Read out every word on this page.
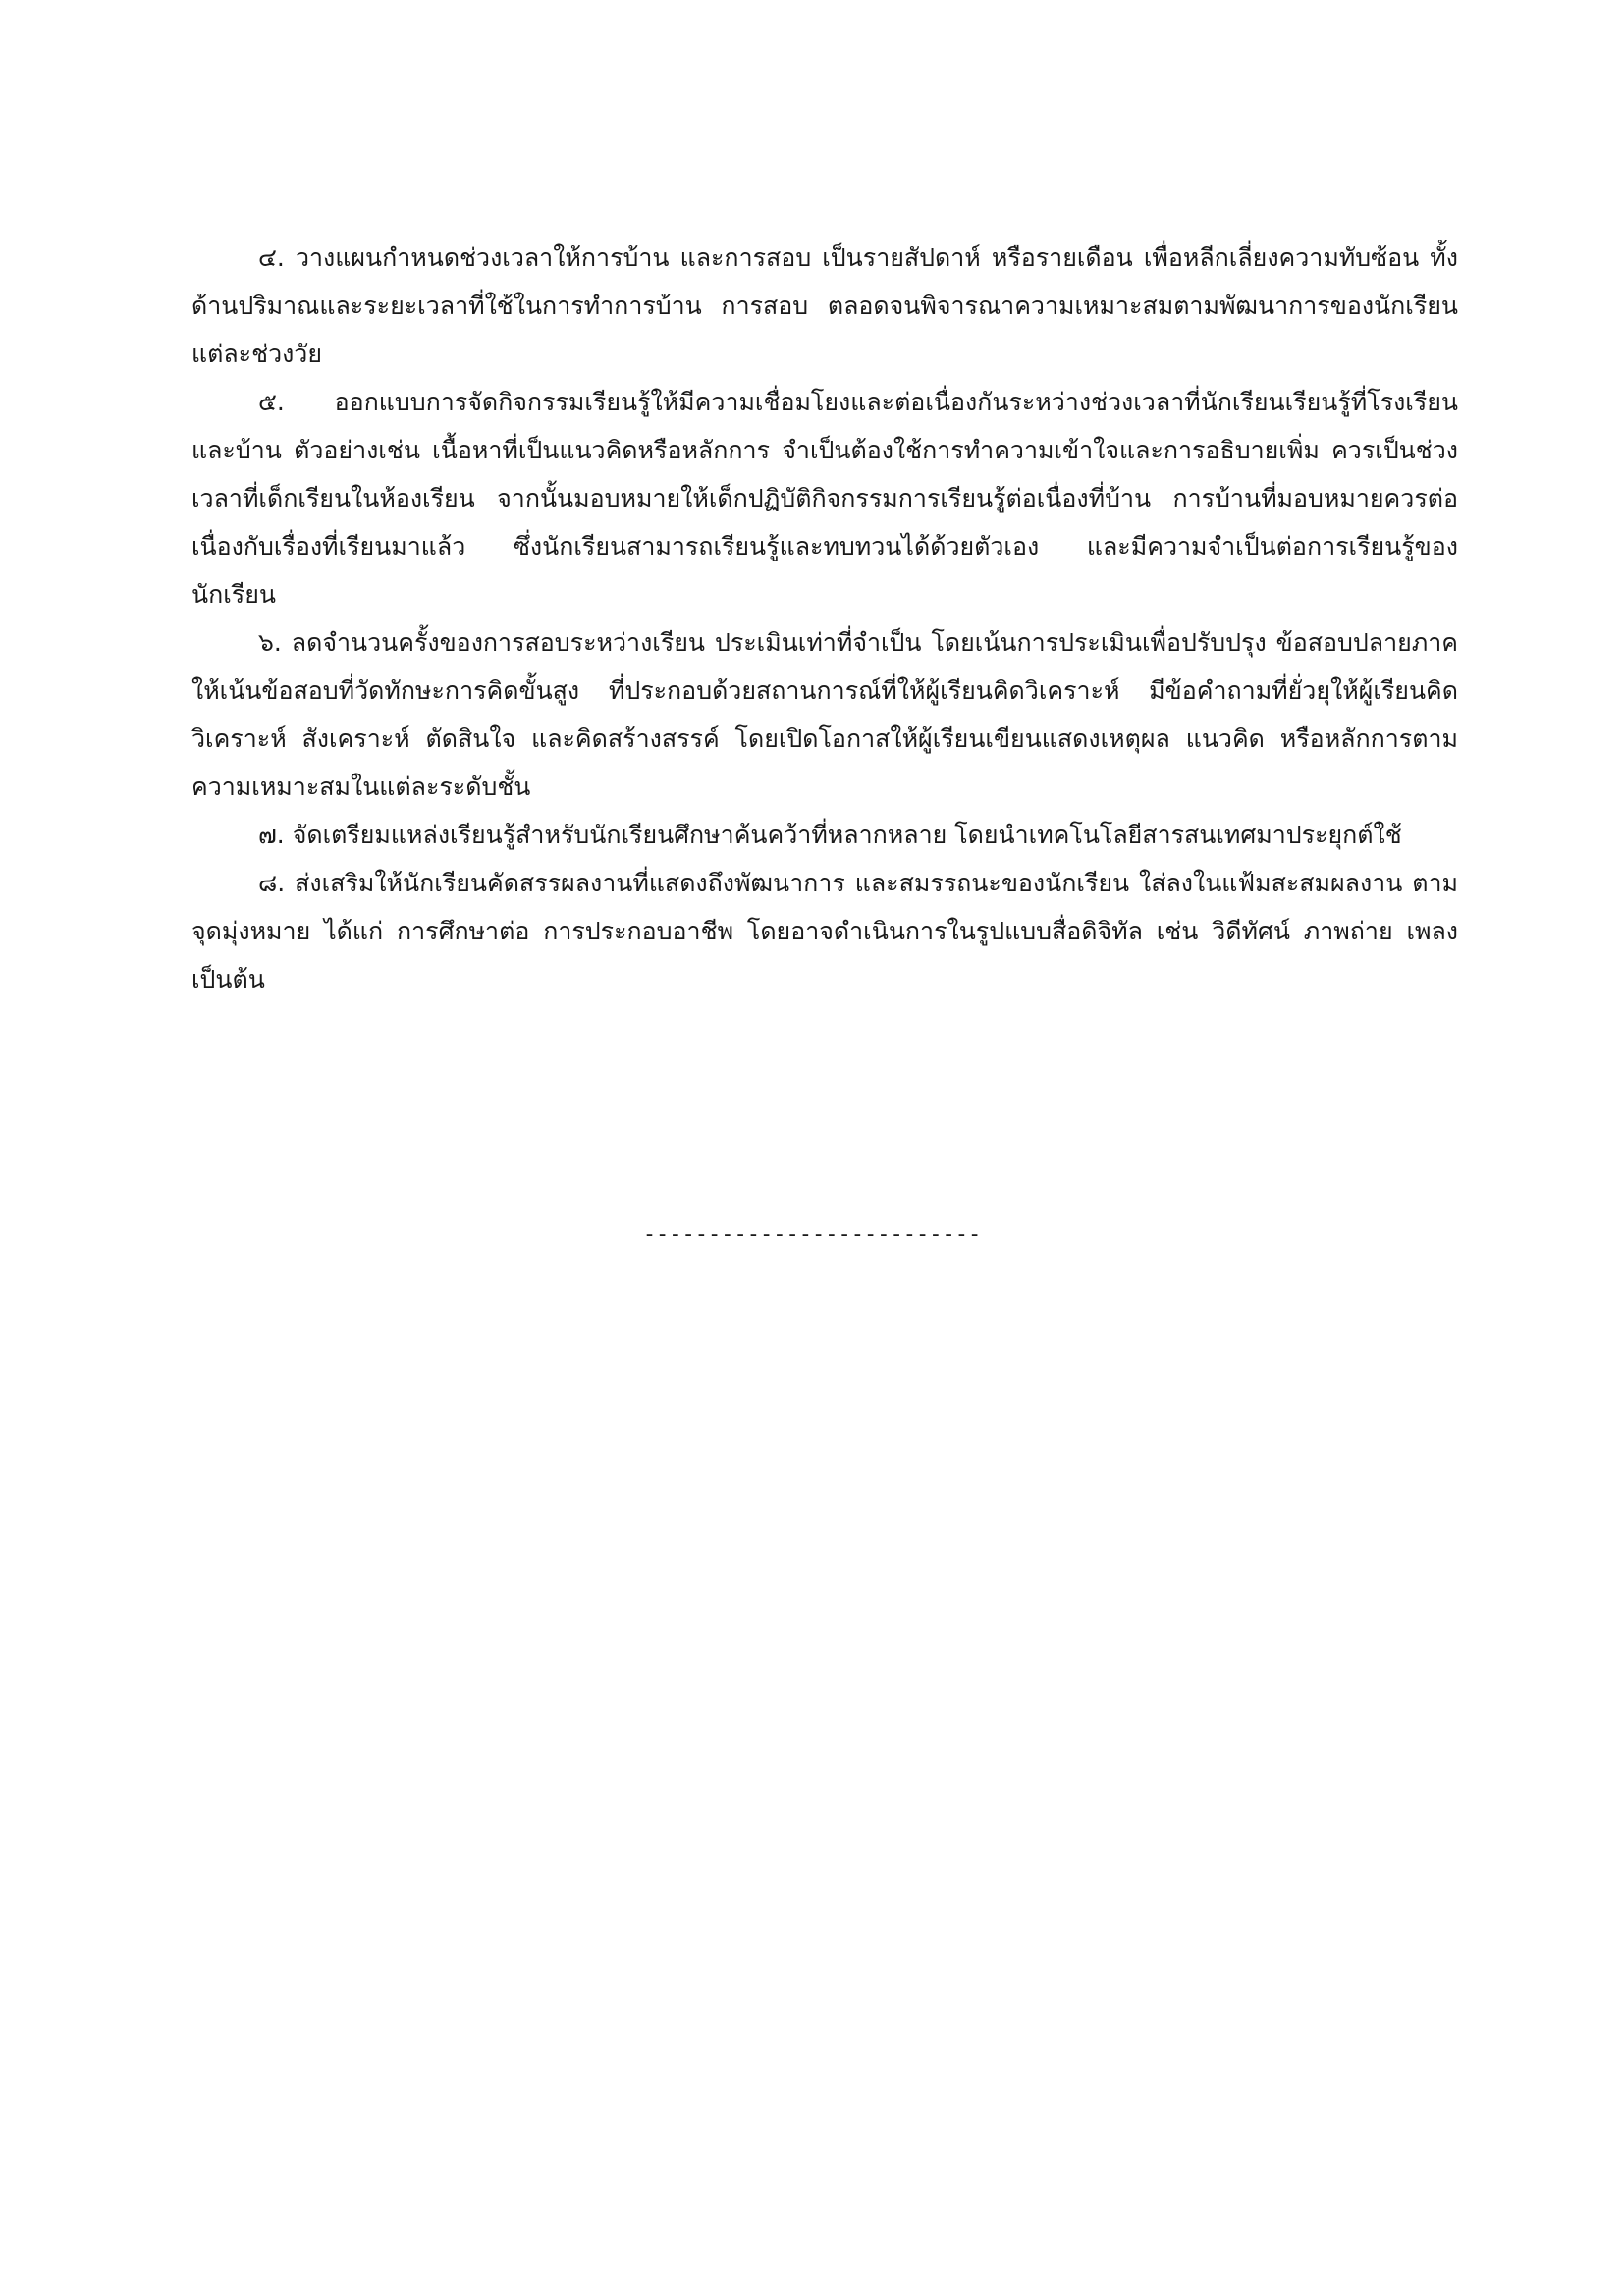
๔. วางแผนกำหนดช่วงเวลาให้การบ้าน และการสอบ เป็นรายสัปดาห์ หรือรายเดือน เพื่อหลีกเลี่ยงความทับซ้อน ทั้งด้านปริมาณและระยะเวลาที่ใช้ในการทำการบ้าน การสอบ ตลอดจนพิจารณาความเหมาะสมตามพัฒนาการของนักเรียนแต่ละช่วงวัย

๕. ออกแบบการจัดกิจกรรมเรียนรู้ให้มีความเชื่อมโยงและต่อเนื่องกันระหว่างช่วงเวลาที่นักเรียนเรียนรู้ที่โรงเรียนและบ้าน ตัวอย่างเช่น เนื้อหาที่เป็นแนวคิดหรือหลักการ จำเป็นต้องใช้การทำความเข้าใจและการอธิบายเพิ่ม ควรเป็นช่วงเวลาที่เด็กเรียนในห้องเรียน จากนั้นมอบหมายให้เด็กปฏิบัติกิจกรรมการเรียนรู้ต่อเนื่องที่บ้าน การบ้านที่มอบหมายควรต่อเนื่องกับเรื่องที่เรียนมาแล้ว ซึ่งนักเรียนสามารถเรียนรู้และทบทวนได้ด้วยตัวเอง และมีความจำเป็นต่อการเรียนรู้ของนักเรียน

๖. ลดจำนวนครั้งของการสอบระหว่างเรียน ประเมินเท่าที่จำเป็น โดยเน้นการประเมินเพื่อปรับปรุง ข้อสอบปลายภาค ให้เน้นข้อสอบที่วัดทักษะการคิดขั้นสูง ที่ประกอบด้วยสถานการณ์ที่ให้ผู้เรียนคิดวิเคราะห์ มีข้อคำถามที่ยั่วยุให้ผู้เรียนคิดวิเคราะห์ สังเคราะห์ ตัดสินใจ และคิดสร้างสรรค์ โดยเปิดโอกาสให้ผู้เรียนเขียนแสดงเหตุผล แนวคิด หรือหลักการตามความเหมาะสมในแต่ละระดับชั้น

๗. จัดเตรียมแหล่งเรียนรู้สำหรับนักเรียนศึกษาค้นคว้าที่หลากหลาย โดยนำเทคโนโลยีสารสนเทศมาประยุกต์ใช้

๘. ส่งเสริมให้นักเรียนคัดสรรผลงานที่แสดงถึงพัฒนาการ และสมรรถนะของนักเรียน ใส่ลงในแฟ้มสะสมผลงาน ตามจุดมุ่งหมาย ได้แก่ การศึกษาต่อ การประกอบอาชีพ โดยอาจดำเนินการในรูปแบบสื่อดิจิทัล เช่น วิดีทัศน์ ภาพถ่าย เพลง เป็นต้น

--------------------------
